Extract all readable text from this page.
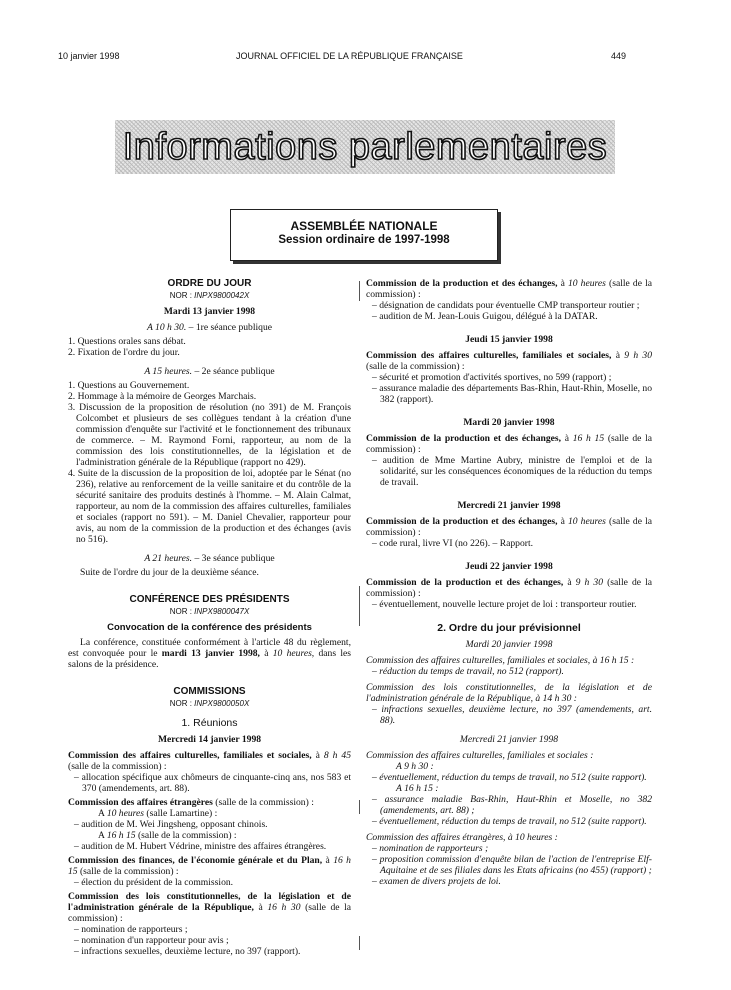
10 janvier 1998	JOURNAL OFFICIEL DE LA RÉPUBLIQUE FRANÇAISE	449
Informations parlementaires
ASSEMBLÉE NATIONALE
Session ordinaire de 1997-1998
ORDRE DU JOUR
NOR : INPX9800042X
Mardi 13 janvier 1998
A 10 h 30. – 1re séance publique

1. Questions orales sans débat.

2. Fixation de l'ordre du jour.

A 15 heures. – 2e séance publique

1. Questions au Gouvernement.

2. Hommage à la mémoire de Georges Marchais.

3. Discussion de la proposition de résolution (no 391) de M. François Colcombet et plusieurs de ses collègues tendant à la création d'une commission d'enquête sur l'activité et le fonctionnement des tribunaux de commerce. – M. Raymond Forni, rapporteur, au nom de la commission des lois constitutionnelles, de la législation et de l'administration générale de la République (rapport no 429).

4. Suite de la discussion de la proposition de loi, adoptée par le Sénat (no 236), relative au renforcement de la veille sanitaire et du contrôle de la sécurité sanitaire des produits destinés à l'homme. – M. Alain Calmat, rapporteur, au nom de la commission des affaires culturelles, familiales et sociales (rapport no 591). – M. Daniel Chevalier, rapporteur pour avis, au nom de la commission de la production et des échanges (avis no 516).

A 21 heures. – 3e séance publique

Suite de l'ordre du jour de la deuxième séance.

CONFÉRENCE DES PRÉSIDENTS
NOR : INPX9800047X
Convocation de la conférence des présidents

La conférence, constituée conformément à l'article 48 du règlement, est convoquée pour le mardi 13 janvier 1998, à 10 heures, dans les salons de la présidence.

COMMISSIONS
NOR : INPX9800050X
1. Réunions
Mercredi 14 janvier 1998

Commission des affaires culturelles, familiales et sociales, à 8 h 45 (salle de la commission) :

– allocation spécifique aux chômeurs de cinquante-cinq ans, nos 583 et 370 (amendements, art. 88).

Commission des affaires étrangères (salle de la commission) :

A 10 heures (salle Lamartine) :

– audition de M. Wei Jingsheng, opposant chinois.

A 16 h 15 (salle de la commission) :

– audition de M. Hubert Védrine, ministre des affaires étrangères.

Commission des finances, de l'économie générale et du Plan, à 16 h 15 (salle de la commission) :

– élection du président de la commission.

Commission des lois constitutionnelles, de la législation et de l'administration générale de la République, à 16 h 30 (salle de la commission) :

– nomination de rapporteurs ;

– nomination d'un rapporteur pour avis ;

– infractions sexuelles, deuxième lecture, no 397 (rapport).

Commission de la production et des échanges, à 10 heures (salle de la commission) :

– désignation de candidats pour éventuelle CMP transporteur routier ;

– audition de M. Jean-Louis Guigou, délégué à la DATAR.

Jeudi 15 janvier 1998

Commission des affaires culturelles, familiales et sociales, à 9 h 30 (salle de la commission) :

– sécurité et promotion d'activités sportives, no 599 (rapport) ;

– assurance maladie des départements Bas-Rhin, Haut-Rhin, Moselle, no 382 (rapport).

Mardi 20 janvier 1998

Commission de la production et des échanges, à 16 h 15 (salle de la commission) :

– audition de Mme Martine Aubry, ministre de l'emploi et de la solidarité, sur les conséquences économiques de la réduction du temps de travail.

Mercredi 21 janvier 1998

Commission de la production et des échanges, à 10 heures (salle de la commission) :

– code rural, livre VI (no 226). – Rapport.

Jeudi 22 janvier 1998

Commission de la production et des échanges, à 9 h 30 (salle de la commission) :

– éventuellement, nouvelle lecture projet de loi : transporteur routier.

2. Ordre du jour prévisionnel
Mardi 20 janvier 1998

Commission des affaires culturelles, familiales et sociales, à 16 h 15 :

– réduction du temps de travail, no 512 (rapport).

Commission des lois constitutionnelles, de la législation et de l'administration générale de la République, à 14 h 30 :

– infractions sexuelles, deuxième lecture, no 397 (amendements, art. 88).

Mercredi 21 janvier 1998

Commission des affaires culturelles, familiales et sociales :

A 9 h 30 :

– éventuellement, réduction du temps de travail, no 512 (suite rapport).

A 16 h 15 :

– assurance maladie Bas-Rhin, Haut-Rhin et Moselle, no 382 (amendements, art. 88) ;

– éventuellement, réduction du temps de travail, no 512 (suite rapport).

Commission des affaires étrangères, à 10 heures :

– nomination de rapporteurs ;

– proposition commission d'enquête bilan de l'action de l'entreprise Elf-Aquitaine et de ses filiales dans les Etats africains (no 455) (rapport) ;

– examen de divers projets de loi.
